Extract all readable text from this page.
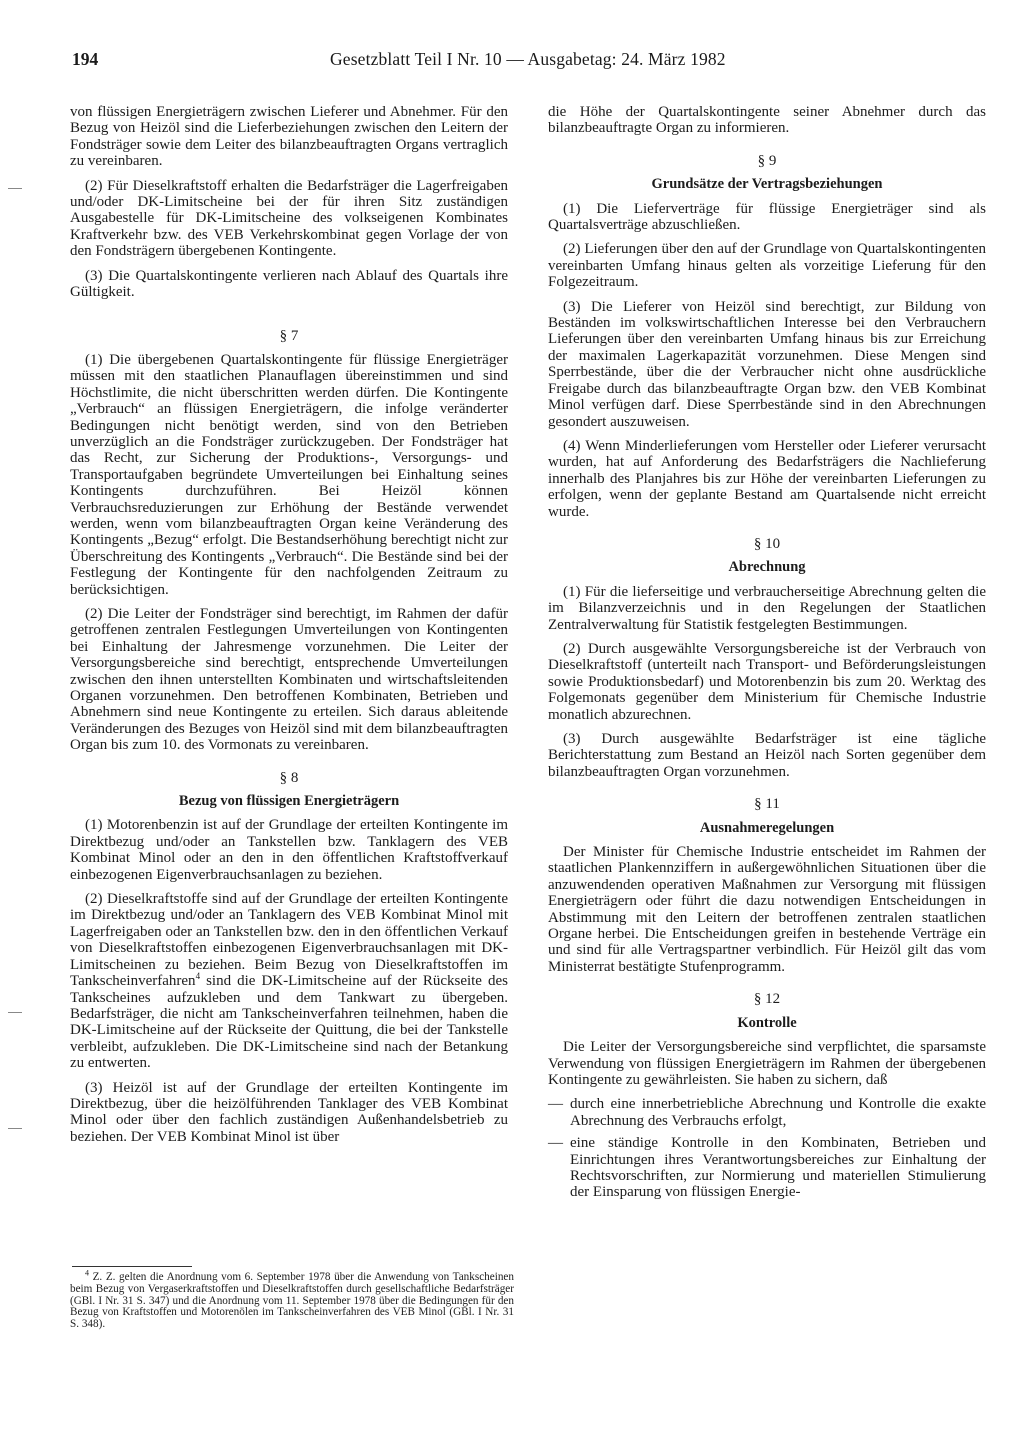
194	Gesetzblatt Teil I Nr. 10 — Ausgabetag: 24. März 1982

von flüssigen Energieträgern zwischen Lieferer und Abnehmer. Für den Bezug von Heizöl sind die Lieferbeziehungen zwischen den Leitern der Fondsträger sowie dem Leiter des bilanzbeauftragten Organs vertraglich zu vereinbaren.

(2) Für Dieselkraftstoff erhalten die Bedarfsträger die Lagerfreigaben und/oder DK-Limitscheine bei der für ihren Sitz zuständigen Ausgabestelle für DK-Limitscheine des volkseigenen Kombinates Kraftverkehr bzw. des VEB Verkehrskombinat gegen Vorlage der von den Fondsträgern übergebenen Kontingente.

(3) Die Quartalskontingente verlieren nach Ablauf des Quartals ihre Gültigkeit.

§ 7

(1) Die übergebenen Quartalskontingente für flüssige Energieträger müssen mit den staatlichen Planauflagen übereinstimmen und sind Höchstlimite, die nicht überschritten werden dürfen. Die Kontingente „Verbrauch“ an flüssigen Energieträgern, die infolge veränderter Bedingungen nicht benötigt werden, sind von den Betrieben unverzüglich an die Fondsträger zurückzugeben. Der Fondsträger hat das Recht, zur Sicherung der Produktions-, Versorgungs- und Transportaufgaben begründete Umverteilungen bei Einhaltung seines Kontingents durchzuführen. Bei Heizöl können Verbrauchsreduzierungen zur Erhöhung der Bestände verwendet werden, wenn vom bilanzbeauftragten Organ keine Veränderung des Kontingents „Bezug“ erfolgt. Die Bestandserhöhung berechtigt nicht zur Überschreitung des Kontingents „Verbrauch“. Die Bestände sind bei der Festlegung der Kontingente für den nachfolgenden Zeitraum zu berücksichtigen.

(2) Die Leiter der Fondsträger sind berechtigt, im Rahmen der dafür getroffenen zentralen Festlegungen Umverteilungen von Kontingenten bei Einhaltung der Jahresmenge vorzunehmen. Die Leiter der Versorgungsbereiche sind berechtigt, entsprechende Umverteilungen zwischen den ihnen unterstellten Kombinaten und wirtschaftsleitenden Organen vorzunehmen. Den betroffenen Kombinaten, Betrieben und Abnehmern sind neue Kontingente zu erteilen. Sich daraus ableitende Veränderungen des Bezuges von Heizöl sind mit dem bilanzbeauftragten Organ bis zum 10. des Vormonats zu vereinbaren.

§ 8
Bezug von flüssigen Energieträgern

(1) Motorenbenzin ist auf der Grundlage der erteilten Kontingente im Direktbezug und/oder an Tankstellen bzw. Tanklagern des VEB Kombinat Minol oder an den in den öffentlichen Kraftstoffverkauf einbezogenen Eigenverbrauchsanlagen zu beziehen.

(2) Dieselkraftstoffe sind auf der Grundlage der erteilten Kontingente im Direktbezug und/oder an Tanklagern des VEB Kombinat Minol mit Lagerfreigaben oder an Tankstellen bzw. den in den öffentlichen Verkauf von Dieselkraftstoffen einbezogenen Eigenverbrauchsanlagen mit DK-Limitscheinen zu beziehen. Beim Bezug von Dieselkraftstoffen im Tankscheinverfahren$^4$ sind die DK-Limitscheine auf der Rückseite des Tankscheines aufzukleben und dem Tankwart zu übergeben. Bedarfsträger, die nicht am Tankscheinverfahren teilnehmen, haben die DK-Limitscheine auf der Rückseite der Quittung, die bei der Tankstelle verbleibt, aufzukleben. Die DK-Limitscheine sind nach der Betankung zu entwerten.

(3) Heizöl ist auf der Grundlage der erteilten Kontingente im Direktbezug, über die heizölführenden Tanklager des VEB Kombinat Minol oder über den fachlich zuständigen Außenhandelsbetrieb zu beziehen. Der VEB Kombinat Minol ist über

$^4$ Z. Z. gelten die Anordnung vom 6. September 1978 über die Anwendung von Tankscheinen beim Bezug von Vergaserkraftstoffen und Dieselkraftstoffen durch gesellschaftliche Bedarfsträger (GBl. I Nr. 31 S. 347) und die Anordnung vom 11. September 1978 über die Bedingungen für den Bezug von Kraftstoffen und Motorenölen im Tankscheinverfahren des VEB Minol (GBl. I Nr. 31 S. 348).

die Höhe der Quartalskontingente seiner Abnehmer durch das bilanzbeauftragte Organ zu informieren.

§ 9
Grundsätze der Vertragsbeziehungen

(1) Die Lieferverträge für flüssige Energieträger sind als Quartalsverträge abzuschließen.

(2) Lieferungen über den auf der Grundlage von Quartalskontingenten vereinbarten Umfang hinaus gelten als vorzeitige Lieferung für den Folgezeitraum.

(3) Die Lieferer von Heizöl sind berechtigt, zur Bildung von Beständen im volkswirtschaftlichen Interesse bei den Verbrauchern Lieferungen über den vereinbarten Umfang hinaus bis zur Erreichung der maximalen Lagerkapazität vorzunehmen. Diese Mengen sind Sperrbestände, über die der Verbraucher nicht ohne ausdrückliche Freigabe durch das bilanzbeauftragte Organ bzw. den VEB Kombinat Minol verfügen darf. Diese Sperrbestände sind in den Abrechnungen gesondert auszuweisen.

(4) Wenn Minderlieferungen vom Hersteller oder Lieferer verursacht wurden, hat auf Anforderung des Bedarfsträgers die Nachlieferung innerhalb des Planjahres bis zur Höhe der vereinbarten Lieferungen zu erfolgen, wenn der geplante Bestand am Quartalsende nicht erreicht wurde.

§ 10
Abrechnung

(1) Für die lieferseitige und verbraucherseitige Abrechnung gelten die im Bilanzverzeichnis und in den Regelungen der Staatlichen Zentralverwaltung für Statistik festgelegten Bestimmungen.

(2) Durch ausgewählte Versorgungsbereiche ist der Verbrauch von Dieselkraftstoff (unterteilt nach Transport- und Beförderungsleistungen sowie Produktionsbedarf) und Motorenbenzin bis zum 20. Werktag des Folgemonats gegenüber dem Ministerium für Chemische Industrie monatlich abzurechnen.

(3) Durch ausgewählte Bedarfsträger ist eine tägliche Berichterstattung zum Bestand an Heizöl nach Sorten gegenüber dem bilanzbeauftragten Organ vorzunehmen.

§ 11
Ausnahmeregelungen

Der Minister für Chemische Industrie entscheidet im Rahmen der staatlichen Plankennziffern in außergewöhnlichen Situationen über die anzuwendenden operativen Maßnahmen zur Versorgung mit flüssigen Energieträgern oder führt die dazu notwendigen Entscheidungen in Abstimmung mit den Leitern der betroffenen zentralen staatlichen Organe herbei. Die Entscheidungen greifen in bestehende Verträge ein und sind für alle Vertragspartner verbindlich. Für Heizöl gilt das vom Ministerrat bestätigte Stufenprogramm.

§ 12
Kontrolle

Die Leiter der Versorgungsbereiche sind verpflichtet, die sparsamste Verwendung von flüssigen Energieträgern im Rahmen der übergebenen Kontingente zu gewährleisten. Sie haben zu sichern, daß

— durch eine innerbetriebliche Abrechnung und Kontrolle die exakte Abrechnung des Verbrauchs erfolgt,
— eine ständige Kontrolle in den Kombinaten, Betrieben und Einrichtungen ihres Verantwortungsbereiches zur Einhaltung der Rechtsvorschriften, zur Normierung und materiellen Stimulierung der Einsparung von flüssigen Energie-
